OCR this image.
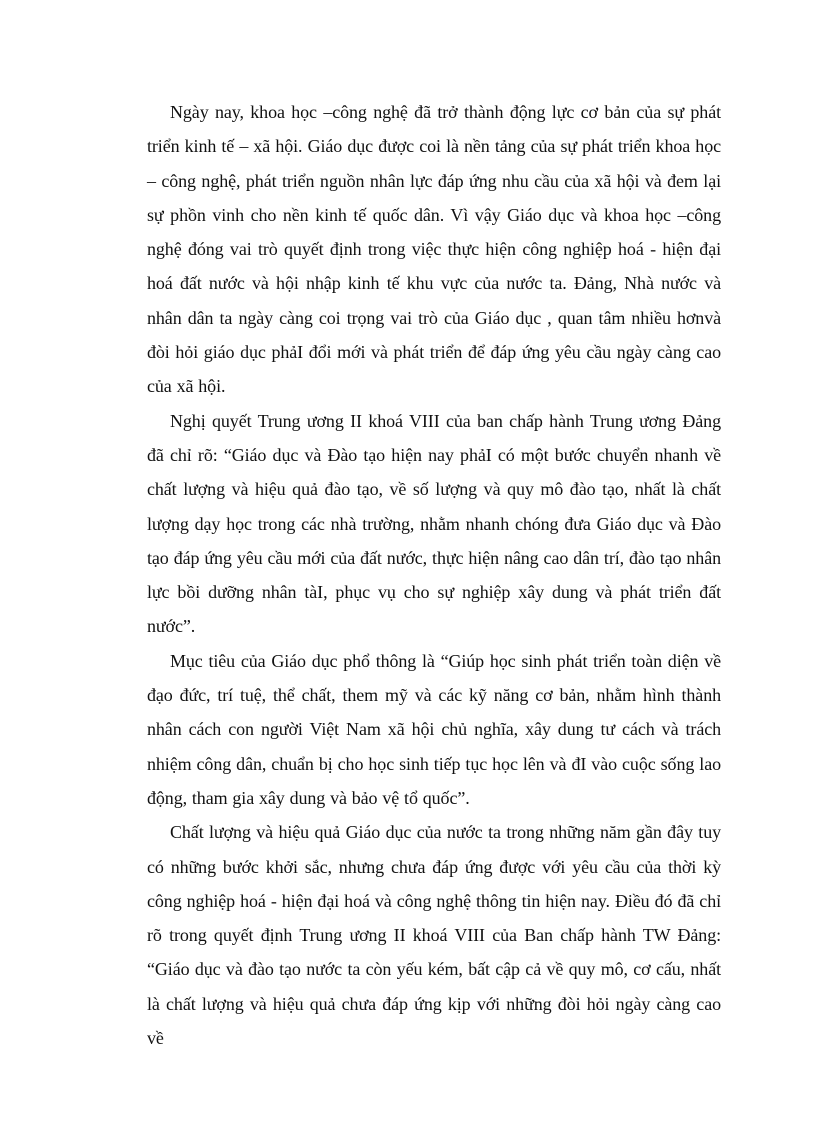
Ngày nay, khoa học –công nghệ đã trở thành động lực cơ bản của sự phát triển kinh tế – xã hội. Giáo dục được coi là nền tảng của sự phát triển khoa học – công nghệ, phát triển nguồn nhân lực đáp ứng nhu cầu của xã hội và đem lại sự phồn vinh cho nền kinh tế quốc dân. Vì vậy Giáo dục và khoa học –công nghệ đóng vai trò quyết định trong việc thực hiện công nghiệp hoá - hiện đại hoá đất nước và hội nhập kinh tế khu vực của nước ta. Đảng, Nhà nước và nhân dân ta ngày càng coi trọng vai trò của Giáo dục , quan tâm nhiều hơnvà đòi hỏi giáo dục phảI đổi mới và phát triển để đáp ứng yêu cầu ngày càng cao của xã hội.

Nghị quyết Trung ương II khoá VIII của ban chấp hành Trung ương Đảng đã chỉ rõ: “Giáo dục và Đào tạo hiện nay phảI có một bước chuyển nhanh về chất lượng và hiệu quả đào tạo, về số lượng và quy mô đào tạo, nhất là chất lượng dạy học trong các nhà trường, nhằm nhanh chóng đưa Giáo dục và Đào tạo đáp ứng yêu cầu mới của đất nước, thực hiện nâng cao dân trí, đào tạo nhân lực bồi dưỡng nhân tàI, phục vụ cho sự nghiệp xây dung và phát triển đất nước”.

Mục tiêu của Giáo dục phổ thông là “Giúp học sinh phát triển toàn diện về đạo đức, trí tuệ, thể chất, them mỹ và các kỹ năng cơ bản, nhằm hình thành nhân cách con người Việt Nam xã hội chủ nghĩa, xây dung tư cách và trách nhiệm công dân, chuẩn bị cho học sinh tiếp tục học lên và đI vào cuộc sống lao động, tham gia xây dung và bảo vệ tổ quốc”.

Chất lượng và hiệu quả Giáo dục của nước ta trong những năm gần đây tuy có những bước khởi sắc, nhưng chưa đáp ứng được với yêu cầu của thời kỳ công nghiệp hoá - hiện đại hoá và công nghệ thông tin hiện nay. Điều đó đã chỉ rõ trong quyết định Trung ương II khoá VIII của Ban chấp hành TW Đảng: “Giáo dục và đào tạo nước ta còn yếu kém, bất cập cả về quy mô, cơ cấu, nhất là chất lượng và hiệu quả chưa đáp ứng kịp với những đòi hỏi ngày càng cao về
